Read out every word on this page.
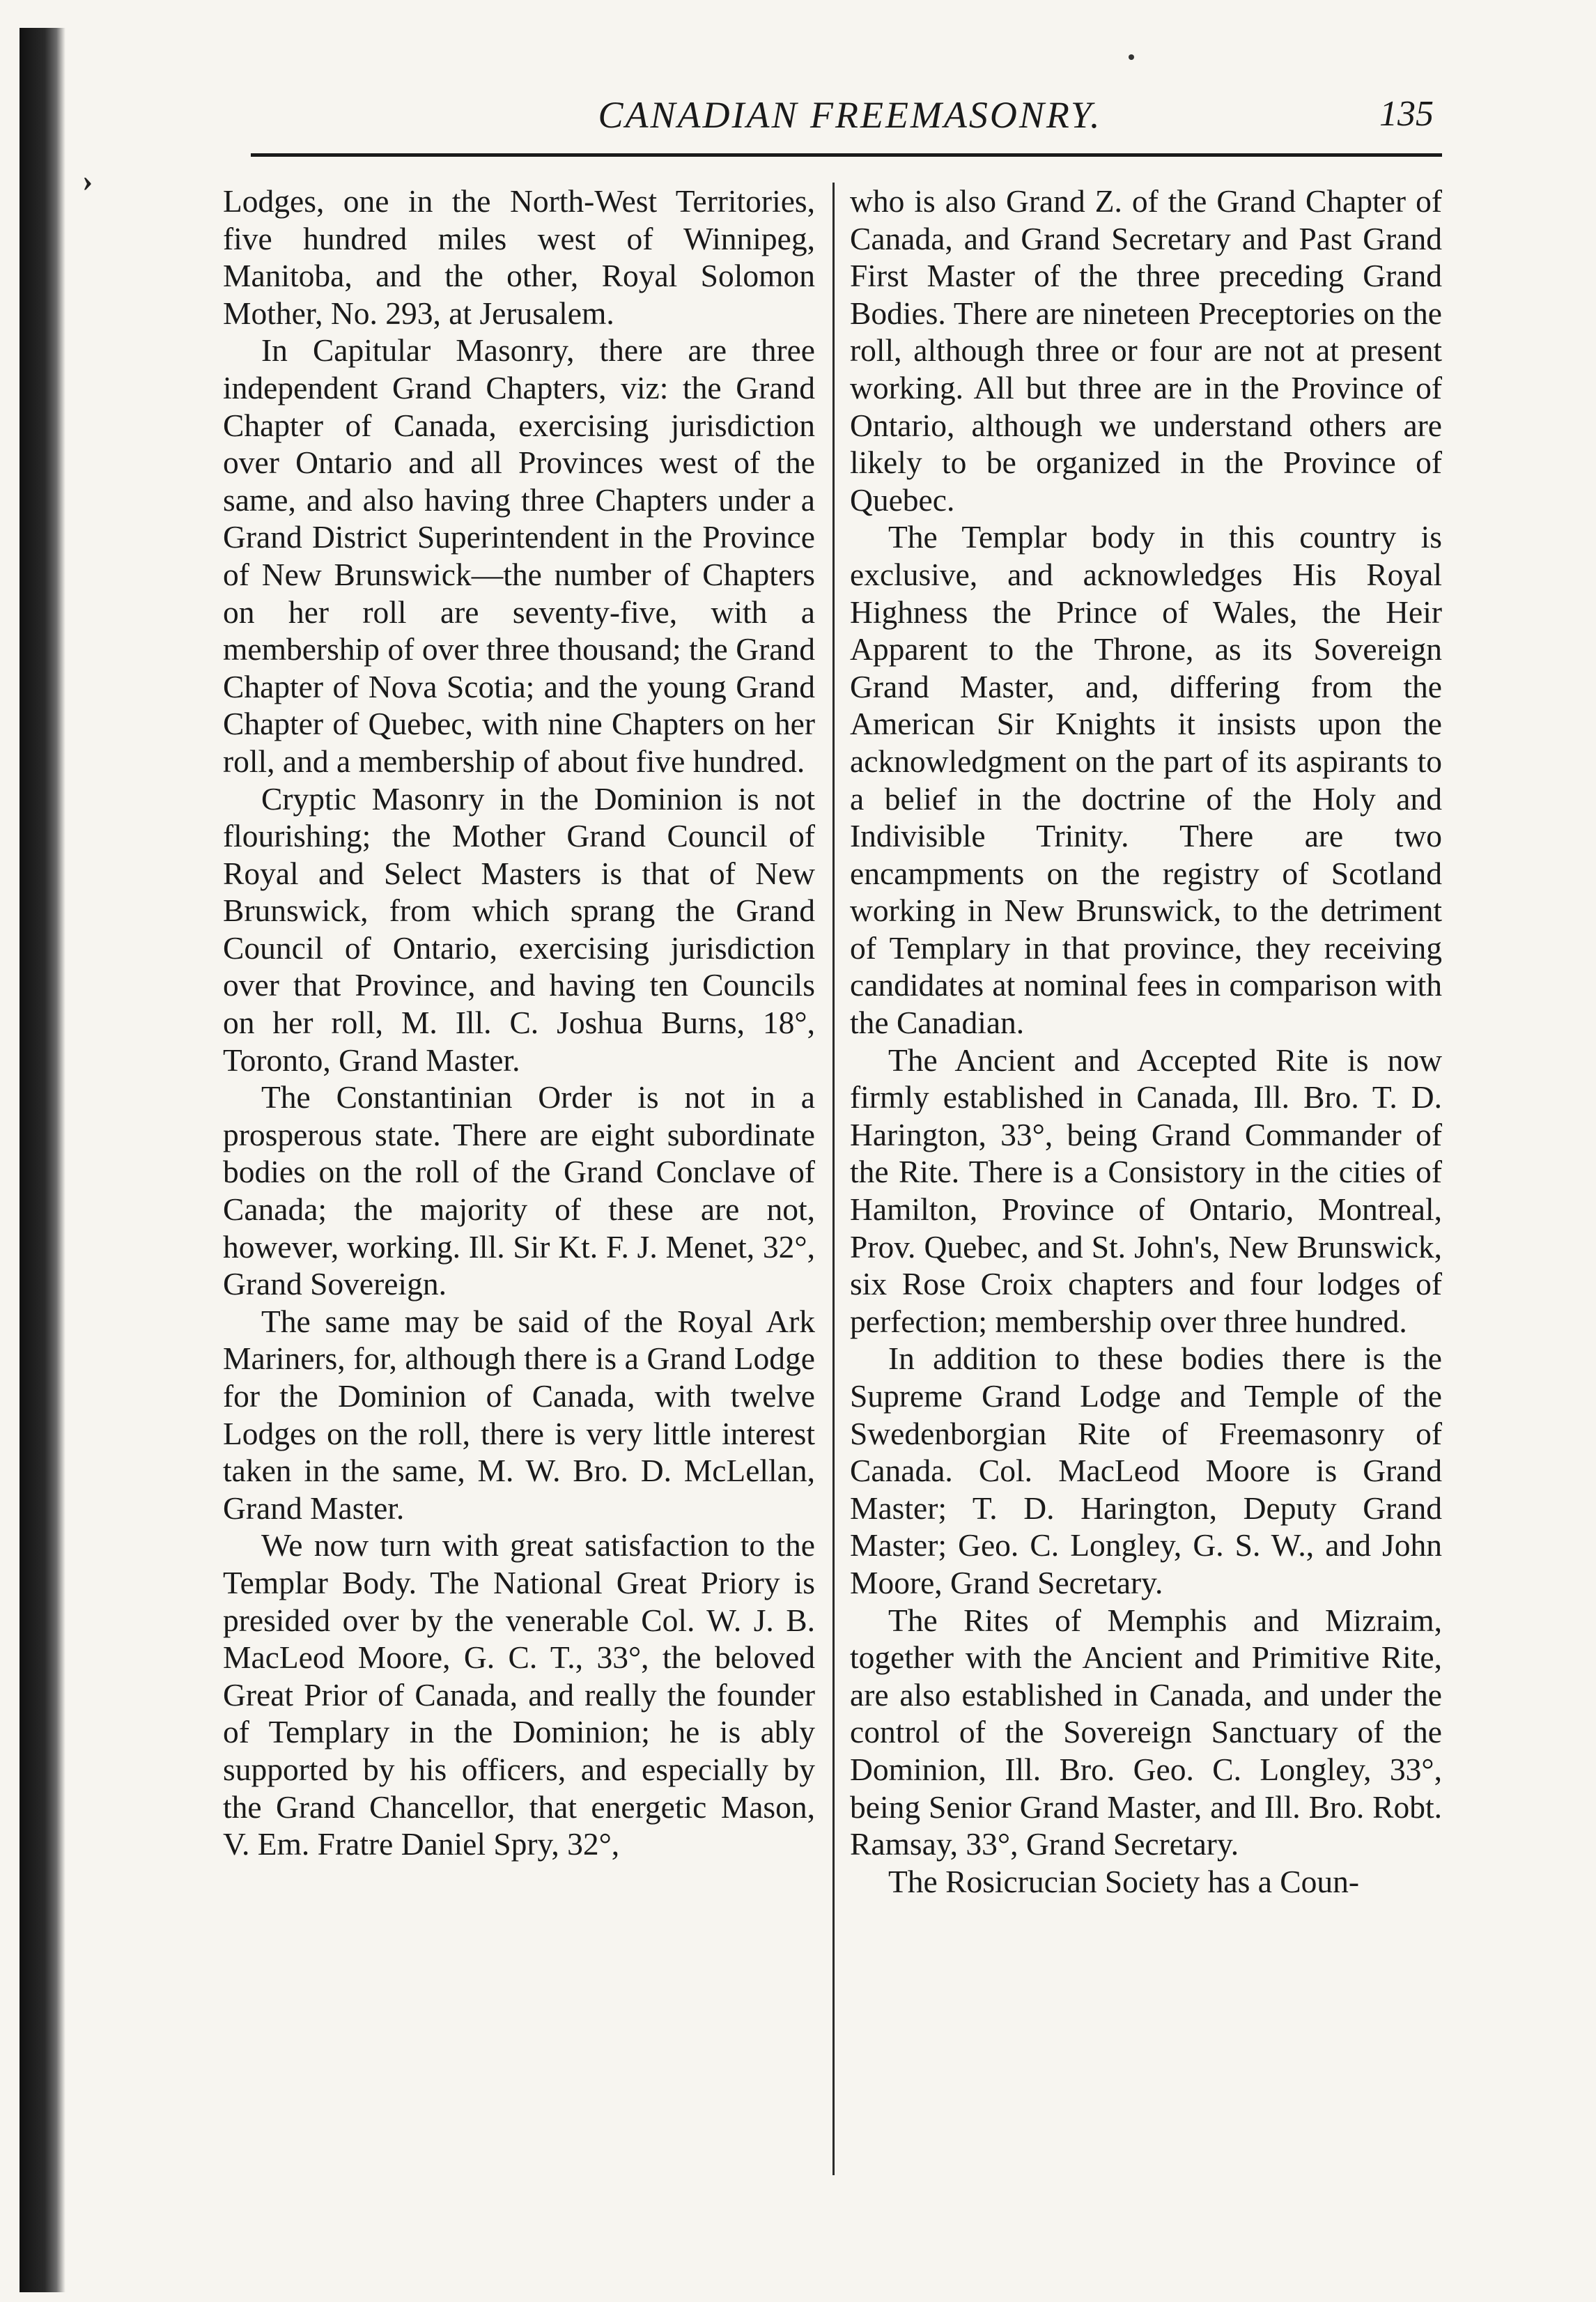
›
CANADIAN FREEMASONRY.	135
Lodges, one in the North-West Territories, five hundred miles west of Winnipeg, Manitoba, and the other, Royal Solomon Mother, No. 293, at Jerusalem.
In Capitular Masonry, there are three independent Grand Chapters, viz: the Grand Chapter of Canada, exercising jurisdiction over Ontario and all Provinces west of the same, and also having three Chapters under a Grand District Superintendent in the Province of New Brunswick—the number of Chapters on her roll are seventy-five, with a membership of over three thousand; the Grand Chapter of Nova Scotia; and the young Grand Chapter of Quebec, with nine Chapters on her roll, and a membership of about five hundred.
Cryptic Masonry in the Dominion is not flourishing; the Mother Grand Council of Royal and Select Masters is that of New Brunswick, from which sprang the Grand Council of Ontario, exercising jurisdiction over that Province, and having ten Councils on her roll, M. Ill. C. Joshua Burns, 18°, Toronto, Grand Master.
The Constantinian Order is not in a prosperous state. There are eight subordinate bodies on the roll of the Grand Conclave of Canada; the majority of these are not, however, working. Ill. Sir Kt. F. J. Menet, 32°, Grand Sovereign.
The same may be said of the Royal Ark Mariners, for, although there is a Grand Lodge for the Dominion of Canada, with twelve Lodges on the roll, there is very little interest taken in the same, M. W. Bro. D. McLellan, Grand Master.
We now turn with great satisfaction to the Templar Body. The National Great Priory is presided over by the venerable Col. W. J. B. MacLeod Moore, G. C. T., 33°, the beloved Great Prior of Canada, and really the founder of Templary in the Dominion; he is ably supported by his officers, and especially by the Grand Chancellor, that energetic Mason, V. Em. Fratre Daniel Spry, 32°,
who is also Grand Z. of the Grand Chapter of Canada, and Grand Secretary and Past Grand First Master of the three preceding Grand Bodies. There are nineteen Preceptories on the roll, although three or four are not at present working. All but three are in the Province of Ontario, although we understand others are likely to be organized in the Province of Quebec.
The Templar body in this country is exclusive, and acknowledges His Royal Highness the Prince of Wales, the Heir Apparent to the Throne, as its Sovereign Grand Master, and, differing from the American Sir Knights it insists upon the acknowledgment on the part of its aspirants to a belief in the doctrine of the Holy and Indivisible Trinity. There are two encampments on the registry of Scotland working in New Brunswick, to the detriment of Templary in that province, they receiving candidates at nominal fees in comparison with the Canadian.
The Ancient and Accepted Rite is now firmly established in Canada, Ill. Bro. T. D. Harington, 33°, being Grand Commander of the Rite. There is a Consistory in the cities of Hamilton, Province of Ontario, Montreal, Prov. Quebec, and St. John's, New Brunswick, six Rose Croix chapters and four lodges of perfection; membership over three hundred.
In addition to these bodies there is the Supreme Grand Lodge and Temple of the Swedenborgian Rite of Freemasonry of Canada. Col. MacLeod Moore is Grand Master; T. D. Harington, Deputy Grand Master; Geo. C. Longley, G. S. W., and John Moore, Grand Secretary.
The Rites of Memphis and Mizraim, together with the Ancient and Primitive Rite, are also established in Canada, and under the control of the Sovereign Sanctuary of the Dominion, Ill. Bro. Geo. C. Longley, 33°, being Senior Grand Master, and Ill. Bro. Robt. Ramsay, 33°, Grand Secretary.
The Rosicrucian Society has a Coun-
